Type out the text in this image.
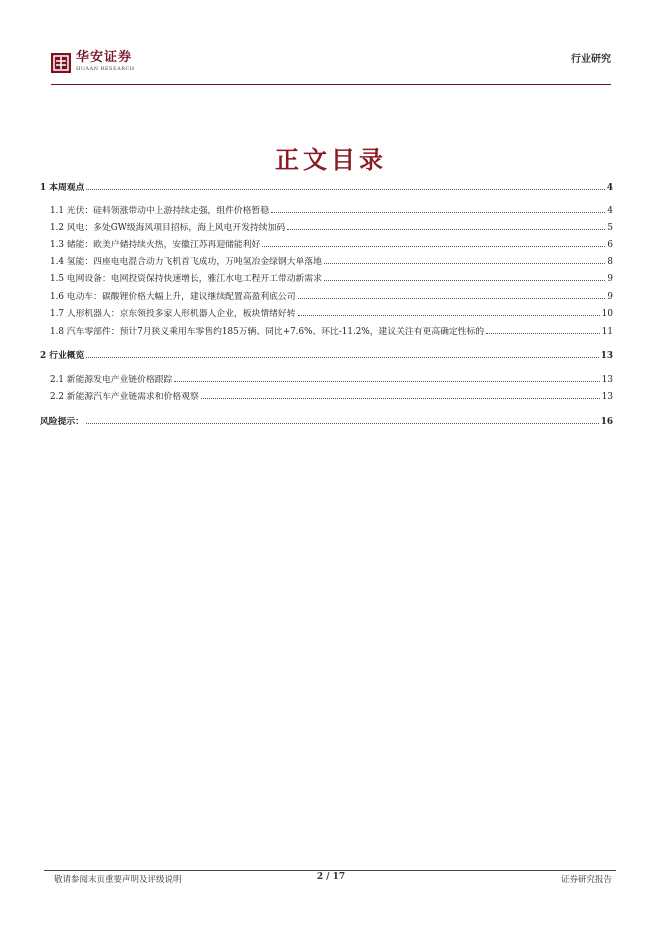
华安证券
HUAAN RESEARCH
行业研究
正文目录
1 本周观点	4
1.1 光伏：硅料领涨带动中上游持续走强，组件价格暂稳	4
1.2 风电：多处GW级海风项目招标，海上风电开发持续加码	5
1.3 储能：欧美户储持续火热，安徽江苏再迎储能利好	6
1.4 氢能：四座电电混合动力飞机首飞成功，万吨氢冶金绿钢大单落地	8
1.5 电网设备：电网投资保持快速增长，雅江水电工程开工带动新需求	9
1.6 电动车：碳酸锂价格大幅上升，建议继续配置高盈利底公司	9
1.7 人形机器人：京东领投多家人形机器人企业，板块情绪好转	10
1.8 汽车零部件：预计7月狭义乘用车零售约185万辆、同比+7.6%、环比-11.2%，建议关注有更高确定性标的	11
2 行业概览	13
2.1 新能源发电产业链价格跟踪	13
2.2 新能源汽车产业链需求和价格观察	13
风险提示：	16
敬请参阅末页重要声明及评级说明	2 / 17	证券研究报告
